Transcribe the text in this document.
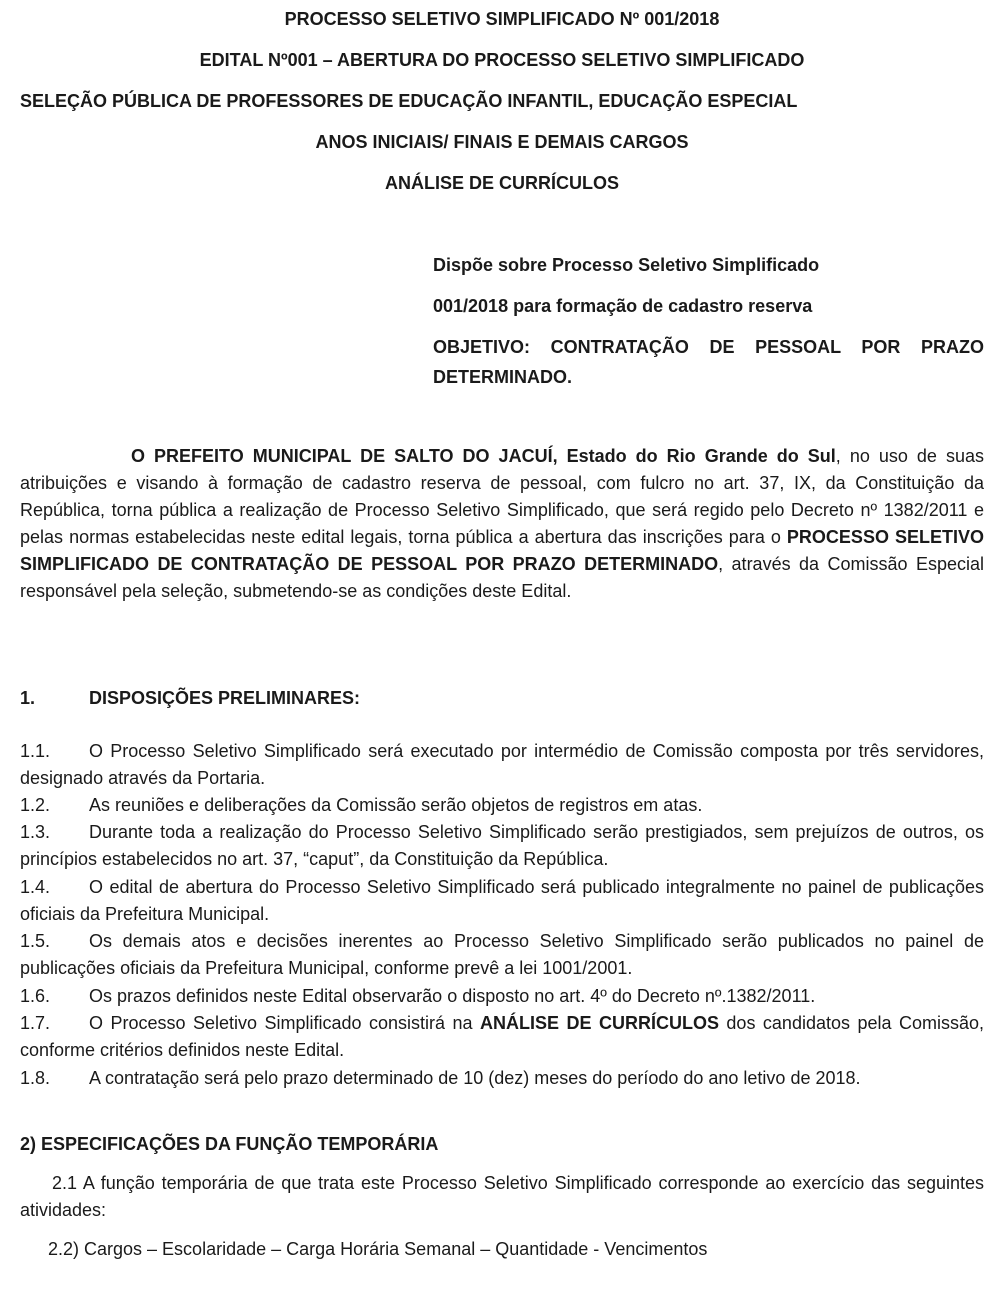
PROCESSO SELETIVO SIMPLIFICADO Nº 001/2018
EDITAL Nº001 – ABERTURA DO PROCESSO SELETIVO SIMPLIFICADO
SELEÇÃO PÚBLICA DE PROFESSORES DE EDUCAÇÃO INFANTIL, EDUCAÇÃO ESPECIAL
ANOS INICIAIS/ FINAIS E DEMAIS CARGOS
ANÁLISE DE CURRÍCULOS
Dispõe sobre Processo Seletivo Simplificado
001/2018 para formação de cadastro reserva
OBJETIVO: CONTRATAÇÃO DE PESSOAL POR PRAZO
DETERMINADO.
O PREFEITO MUNICIPAL DE SALTO DO JACUÍ, Estado do Rio Grande do Sul, no uso de suas atribuições e visando à formação de cadastro reserva de pessoal, com fulcro no art. 37, IX, da Constituição da República, torna pública a realização de Processo Seletivo Simplificado, que será regido pelo Decreto nº 1382/2011 e pelas normas estabelecidas neste edital legais, torna pública a abertura das inscrições para o PROCESSO SELETIVO SIMPLIFICADO DE CONTRATAÇÃO DE PESSOAL POR PRAZO DETERMINADO, através da Comissão Especial responsável pela seleção, submetendo-se as condições deste Edital.
1.	DISPOSIÇÕES PRELIMINARES:
1.1. O Processo Seletivo Simplificado será executado por intermédio de Comissão composta por três servidores, designado através da Portaria.
1.2. As reuniões e deliberações da Comissão serão objetos de registros em atas.
1.3. Durante toda a realização do Processo Seletivo Simplificado serão prestigiados, sem prejuízos de outros, os princípios estabelecidos no art. 37, “caput”, da Constituição da República.
1.4. O edital de abertura do Processo Seletivo Simplificado será publicado integralmente no painel de publicações oficiais da Prefeitura Municipal.
1.5. Os demais atos e decisões inerentes ao Processo Seletivo Simplificado serão publicados no painel de publicações oficiais da Prefeitura Municipal, conforme prevê a lei 1001/2001.
1.6. Os prazos definidos neste Edital observarão o disposto no art. 4º do Decreto nº.1382/2011.
1.7. O Processo Seletivo Simplificado consistirá na ANÁLISE DE CURRÍCULOS dos candidatos pela Comissão, conforme critérios definidos neste Edital.
1.8. A contratação será pelo prazo determinado de 10 (dez) meses do período do ano letivo de 2018.
2) ESPECIFICAÇÕES DA FUNÇÃO TEMPORÁRIA
2.1 A função temporária de que trata este Processo Seletivo Simplificado corresponde ao exercício das seguintes atividades:
2.2) Cargos – Escolaridade – Carga Horária Semanal – Quantidade - Vencimentos
